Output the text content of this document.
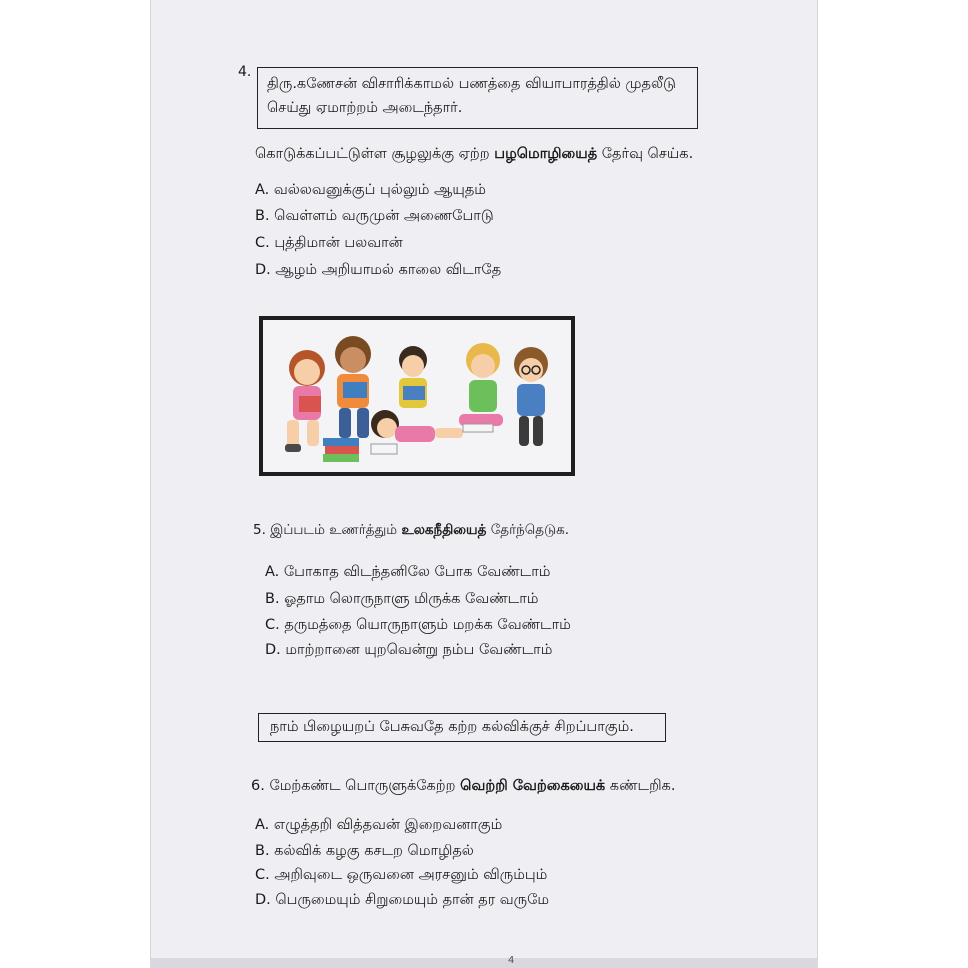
4.
திரு.கணேசன் விசாரிக்காமல் பணத்தை வியாபாரத்தில் முதலீடு
செய்து ஏமாற்றம் அடைந்தார்.
கொடுக்கப்பட்டுள்ள சூழலுக்கு ஏற்ற பழமொழியைத் தேர்வு செய்க.
A. வல்லவனுக்குப் புல்லும் ஆயுதம்
B. வெள்ளம் வருமுன் அணைபோடு
C. புத்திமான் பலவான்
D. ஆழம் அறியாமல் காலை விடாதே
5. இப்படம் உணர்த்தும் உலகநீதியைத் தேர்ந்தெடுக.
A. போகாத விடந்தனிலே போக வேண்டாம்
B. ஓதாம லொருநாளு மிருக்க வேண்டாம்
C. தருமத்தை யொருநாளும் மறக்க வேண்டாம்
D. மாற்றானை யுறவென்று நம்ப வேண்டாம்
நாம் பிழையறப் பேசுவதே கற்ற கல்விக்குச் சிறப்பாகும்.
6. மேற்கண்ட பொருளுக்கேற்ற வெற்றி வேற்கையைக் கண்டறிக.
A. எழுத்தறி வித்தவன் இறைவனாகும்
B. கல்விக் கழகு கசடற மொழிதல்
C. அறிவுடை ஒருவனை அரசனும் விரும்பும்
D. பெருமையும் சிறுமையும் தான் தர வருமே
4
